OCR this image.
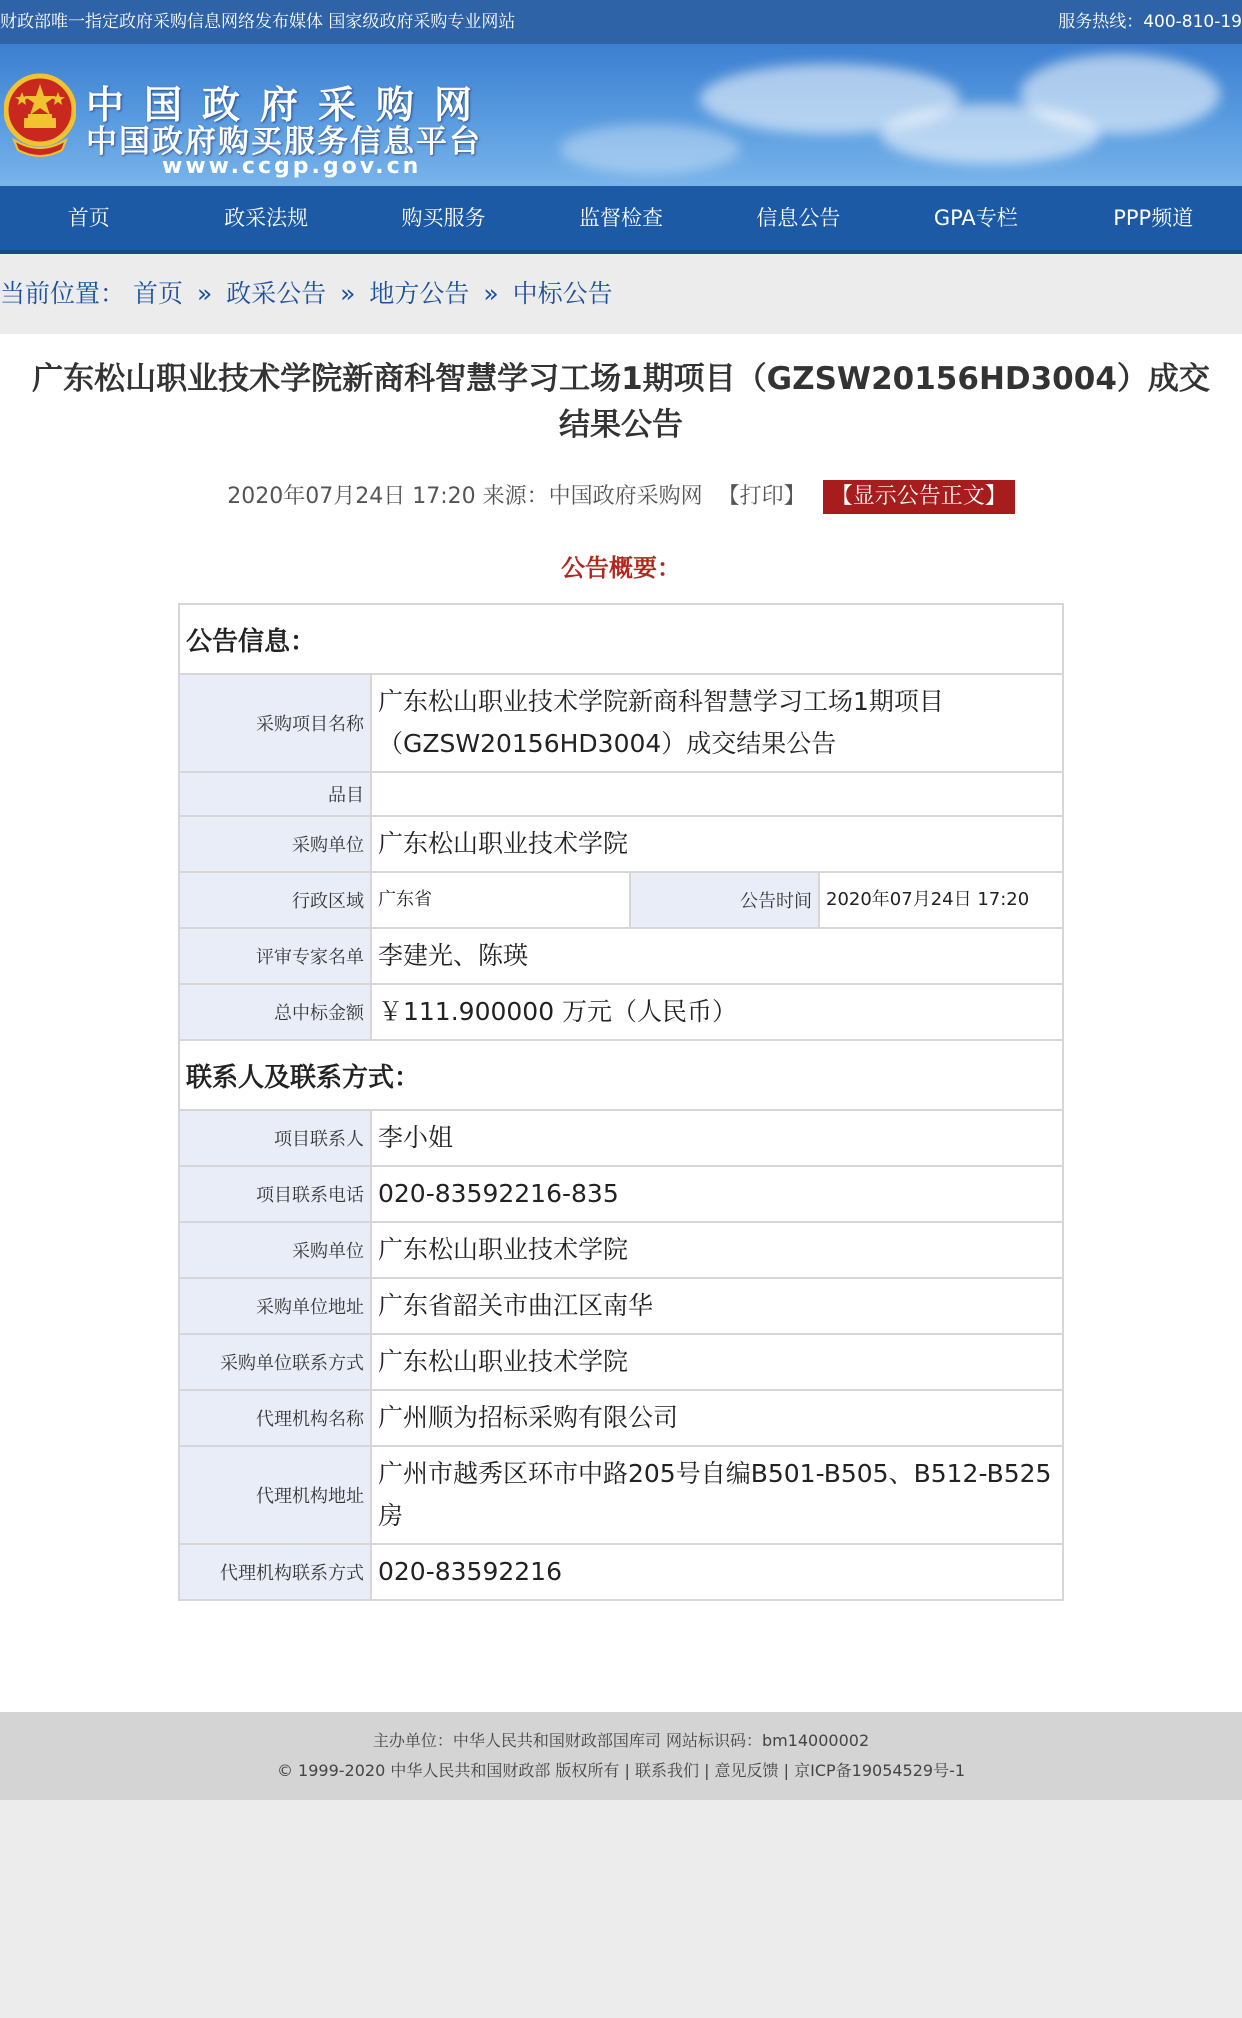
财政部唯一指定政府采购信息网络发布媒体 国家级政府采购专业网站	服务热线：400-810-19
中国政府采购网
中国政府购买服务信息平台
www.ccgp.gov.cn
首页	政采法规	购买服务	监督检查	信息公告	GPA专栏	PPP频道
当前位置： 首页 » 政采公告 » 地方公告 » 中标公告
广东松山职业技术学院新商科智慧学习工场1期项目（GZSW20156HD3004）成交结果公告
2020年07月24日 17:20 来源：中国政府采购网 【打印】 【显示公告正文】
公告概要：
公告信息：			
采购项目名称	广东松山职业技术学院新商科智慧学习工场1期项目（GZSW20156HD3004）成交结果公告		
品目			
采购单位	广东松山职业技术学院		
行政区域	广东省	公告时间	2020年07月24日 17:20
评审专家名单	李建光、陈瑛		
总中标金额	￥111.900000 万元（人民币）		
联系人及联系方式：			
项目联系人	李小姐		
项目联系电话	020-83592216-835		
采购单位	广东松山职业技术学院		
采购单位地址	广东省韶关市曲江区南华		
采购单位联系方式	广东松山职业技术学院		
代理机构名称	广州顺为招标采购有限公司		
代理机构地址	广州市越秀区环市中路205号自编B501-B505、B512-B525房		
代理机构联系方式	020-83592216		
主办单位：中华人民共和国财政部国库司 网站标识码：bm14000002
© 1999-2020 中华人民共和国财政部 版权所有 | 联系我们 | 意见反馈 | 京ICP备19054529号-1
